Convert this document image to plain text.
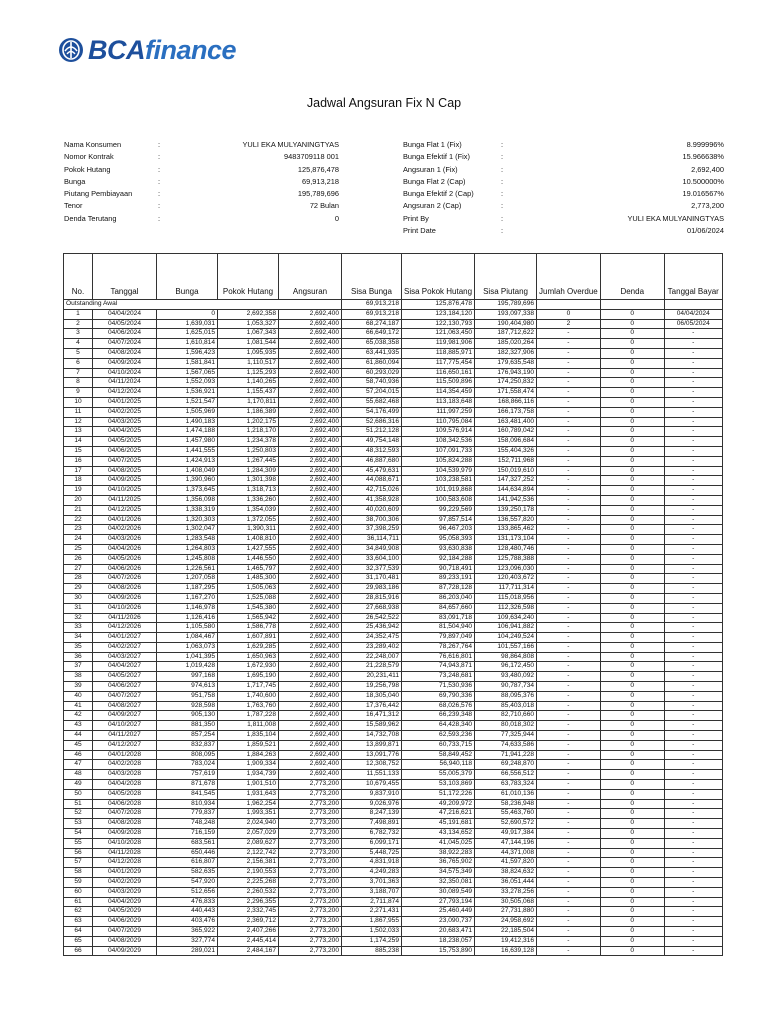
BCAfinance
Jadwal Angsuran Fix N Cap
Nama Konsumen	:	YULI EKA MULYANINGTYAS
Nomor Kontrak	:	9483709118 001
Pokok Hutang	:	125,876,478
Bunga	:	69,913,218
Piutang Pembiayaan	:	195,789,696
Tenor	:	72 Bulan
Denda Terutang	:	0
Bunga Flat 1 (Fix)	:	8.999996%
Bunga Efektif 1 (Fix)	:	15.966638%
Angsuran 1 (Fix)	:	2,692,400
Bunga Flat 2 (Cap)	:	10.500000%
Bunga Efektif 2 (Cap)	:	19.016567%
Angsuran 2 (Cap)	:	2,773,200
Print By	:	YULI EKA MULYANINGTYAS
Print Date	:	01/06/2024
No.	Tanggal	Bunga	Pokok Hutang	Angsuran	Sisa Bunga	Sisa Pokok Hutang	Sisa Piutang	Jumlah Overdue	Denda	Tanggal Bayar
Outstanding Awal					69,913,218	125,876,478	195,789,696			
1	04/04/2024	0	2,692,358	2,692,400	69,913,218	123,184,120	193,097,338	0	0	04/04/2024
2	04/05/2024	1,639,031	1,053,327	2,692,400	68,274,187	122,130,793	190,404,980	2	0	06/05/2024
3	04/06/2024	1,625,015	1,067,343	2,692,400	66,649,172	121,063,450	187,712,622	-	0	-
4	04/07/2024	1,610,814	1,081,544	2,692,400	65,038,358	119,981,906	185,020,264	-	0	-
5	04/08/2024	1,596,423	1,095,935	2,692,400	63,441,935	118,885,971	182,327,906	-	0	-
6	04/09/2024	1,581,841	1,110,517	2,692,400	61,860,094	117,775,454	179,635,548	-	0	-
7	04/10/2024	1,567,065	1,125,293	2,692,400	60,293,029	116,650,161	176,943,190	-	0	-
8	04/11/2024	1,552,093	1,140,265	2,692,400	58,740,936	115,509,896	174,250,832	-	0	-
9	04/12/2024	1,536,921	1,155,437	2,692,400	57,204,015	114,354,459	171,558,474	-	0	-
10	04/01/2025	1,521,547	1,170,811	2,692,400	55,682,468	113,183,648	168,866,116	-	0	-
11	04/02/2025	1,505,969	1,186,389	2,692,400	54,176,499	111,997,259	166,173,758	-	0	-
12	04/03/2025	1,490,183	1,202,175	2,692,400	52,686,316	110,795,084	163,481,400	-	0	-
13	04/04/2025	1,474,188	1,218,170	2,692,400	51,212,128	109,576,914	160,789,042	-	0	-
14	04/05/2025	1,457,980	1,234,378	2,692,400	49,754,148	108,342,536	158,096,684	-	0	-
15	04/06/2025	1,441,555	1,250,803	2,692,400	48,312,593	107,091,733	155,404,326	-	0	-
16	04/07/2025	1,424,913	1,267,445	2,692,400	46,887,680	105,824,288	152,711,968	-	0	-
17	04/08/2025	1,408,049	1,284,309	2,692,400	45,479,631	104,539,979	150,019,610	-	0	-
18	04/09/2025	1,390,960	1,301,398	2,692,400	44,088,671	103,238,581	147,327,252	-	0	-
19	04/10/2025	1,373,645	1,318,713	2,692,400	42,715,026	101,919,868	144,634,894	-	0	-
20	04/11/2025	1,356,098	1,336,260	2,692,400	41,358,928	100,583,608	141,942,536	-	0	-
21	04/12/2025	1,338,319	1,354,039	2,692,400	40,020,609	99,229,569	139,250,178	-	0	-
22	04/01/2026	1,320,303	1,372,055	2,692,400	38,700,306	97,857,514	136,557,820	-	0	-
23	04/02/2026	1,302,047	1,390,311	2,692,400	37,398,259	96,467,203	133,865,462	-	0	-
24	04/03/2026	1,283,548	1,408,810	2,692,400	36,114,711	95,058,393	131,173,104	-	0	-
25	04/04/2026	1,264,803	1,427,555	2,692,400	34,849,908	93,630,838	128,480,746	-	0	-
26	04/05/2026	1,245,808	1,446,550	2,692,400	33,604,100	92,184,288	125,788,388	-	0	-
27	04/06/2026	1,226,561	1,465,797	2,692,400	32,377,539	90,718,491	123,096,030	-	0	-
28	04/07/2026	1,207,058	1,485,300	2,692,400	31,170,481	89,233,191	120,403,672	-	0	-
29	04/08/2026	1,187,295	1,505,063	2,692,400	29,983,186	87,728,128	117,711,314	-	0	-
30	04/09/2026	1,167,270	1,525,088	2,692,400	28,815,916	86,203,040	115,018,956	-	0	-
31	04/10/2026	1,146,978	1,545,380	2,692,400	27,668,938	84,657,660	112,326,598	-	0	-
32	04/11/2026	1,126,416	1,565,942	2,692,400	26,542,522	83,091,718	109,634,240	-	0	-
33	04/12/2026	1,105,580	1,586,778	2,692,400	25,436,942	81,504,940	106,941,882	-	0	-
34	04/01/2027	1,084,467	1,607,891	2,692,400	24,352,475	79,897,049	104,249,524	-	0	-
35	04/02/2027	1,063,073	1,629,285	2,692,400	23,289,402	78,267,764	101,557,166	-	0	-
36	04/03/2027	1,041,395	1,650,963	2,692,400	22,248,007	76,616,801	98,864,808	-	0	-
37	04/04/2027	1,019,428	1,672,930	2,692,400	21,228,579	74,943,871	96,172,450	-	0	-
38	04/05/2027	997,168	1,695,190	2,692,400	20,231,411	73,248,681	93,480,092	-	0	-
39	04/06/2027	974,613	1,717,745	2,692,400	19,256,798	71,530,936	90,787,734	-	0	-
40	04/07/2027	951,758	1,740,600	2,692,400	18,305,040	69,790,336	88,095,376	-	0	-
41	04/08/2027	928,598	1,763,760	2,692,400	17,376,442	68,026,576	85,403,018	-	0	-
42	04/09/2027	905,130	1,787,228	2,692,400	16,471,312	66,239,348	82,710,660	-	0	-
43	04/10/2027	881,350	1,811,008	2,692,400	15,589,962	64,428,340	80,018,302	-	0	-
44	04/11/2027	857,254	1,835,104	2,692,400	14,732,708	62,593,236	77,325,944	-	0	-
45	04/12/2027	832,837	1,859,521	2,692,400	13,899,871	60,733,715	74,633,586	-	0	-
46	04/01/2028	808,095	1,884,263	2,692,400	13,091,776	58,849,452	71,941,228	-	0	-
47	04/02/2028	783,024	1,909,334	2,692,400	12,308,752	56,940,118	69,248,870	-	0	-
48	04/03/2028	757,619	1,934,739	2,692,400	11,551,133	55,005,379	66,556,512	-	0	-
49	04/04/2028	871,678	1,901,510	2,773,200	10,679,455	53,103,869	63,783,324	-	0	-
50	04/05/2028	841,545	1,931,643	2,773,200	9,837,910	51,172,226	61,010,136	-	0	-
51	04/06/2028	810,934	1,962,254	2,773,200	9,026,976	49,209,972	58,236,948	-	0	-
52	04/07/2028	779,837	1,993,351	2,773,200	8,247,139	47,216,621	55,463,760	-	0	-
53	04/08/2028	748,248	2,024,940	2,773,200	7,498,891	45,191,681	52,690,572	-	0	-
54	04/09/2028	716,159	2,057,029	2,773,200	6,782,732	43,134,652	49,917,384	-	0	-
55	04/10/2028	683,561	2,089,627	2,773,200	6,099,171	41,045,025	47,144,196	-	0	-
56	04/11/2028	650,446	2,122,742	2,773,200	5,448,725	38,922,283	44,371,008	-	0	-
57	04/12/2028	616,807	2,156,381	2,773,200	4,831,918	36,765,902	41,597,820	-	0	-
58	04/01/2029	582,635	2,190,553	2,773,200	4,249,283	34,575,349	38,824,632	-	0	-
59	04/02/2029	547,920	2,225,268	2,773,200	3,701,363	32,350,081	36,051,444	-	0	-
60	04/03/2029	512,656	2,260,532	2,773,200	3,188,707	30,089,549	33,278,256	-	0	-
61	04/04/2029	476,833	2,296,355	2,773,200	2,711,874	27,793,194	30,505,068	-	0	-
62	04/05/2029	440,443	2,332,745	2,773,200	2,271,431	25,460,449	27,731,880	-	0	-
63	04/06/2029	403,476	2,369,712	2,773,200	1,867,955	23,090,737	24,958,692	-	0	-
64	04/07/2029	365,922	2,407,266	2,773,200	1,502,033	20,683,471	22,185,504	-	0	-
65	04/08/2029	327,774	2,445,414	2,773,200	1,174,259	18,238,057	19,412,316	-	0	-
66	04/09/2029	289,021	2,484,167	2,773,200	885,238	15,753,890	16,639,128	-	0	-
